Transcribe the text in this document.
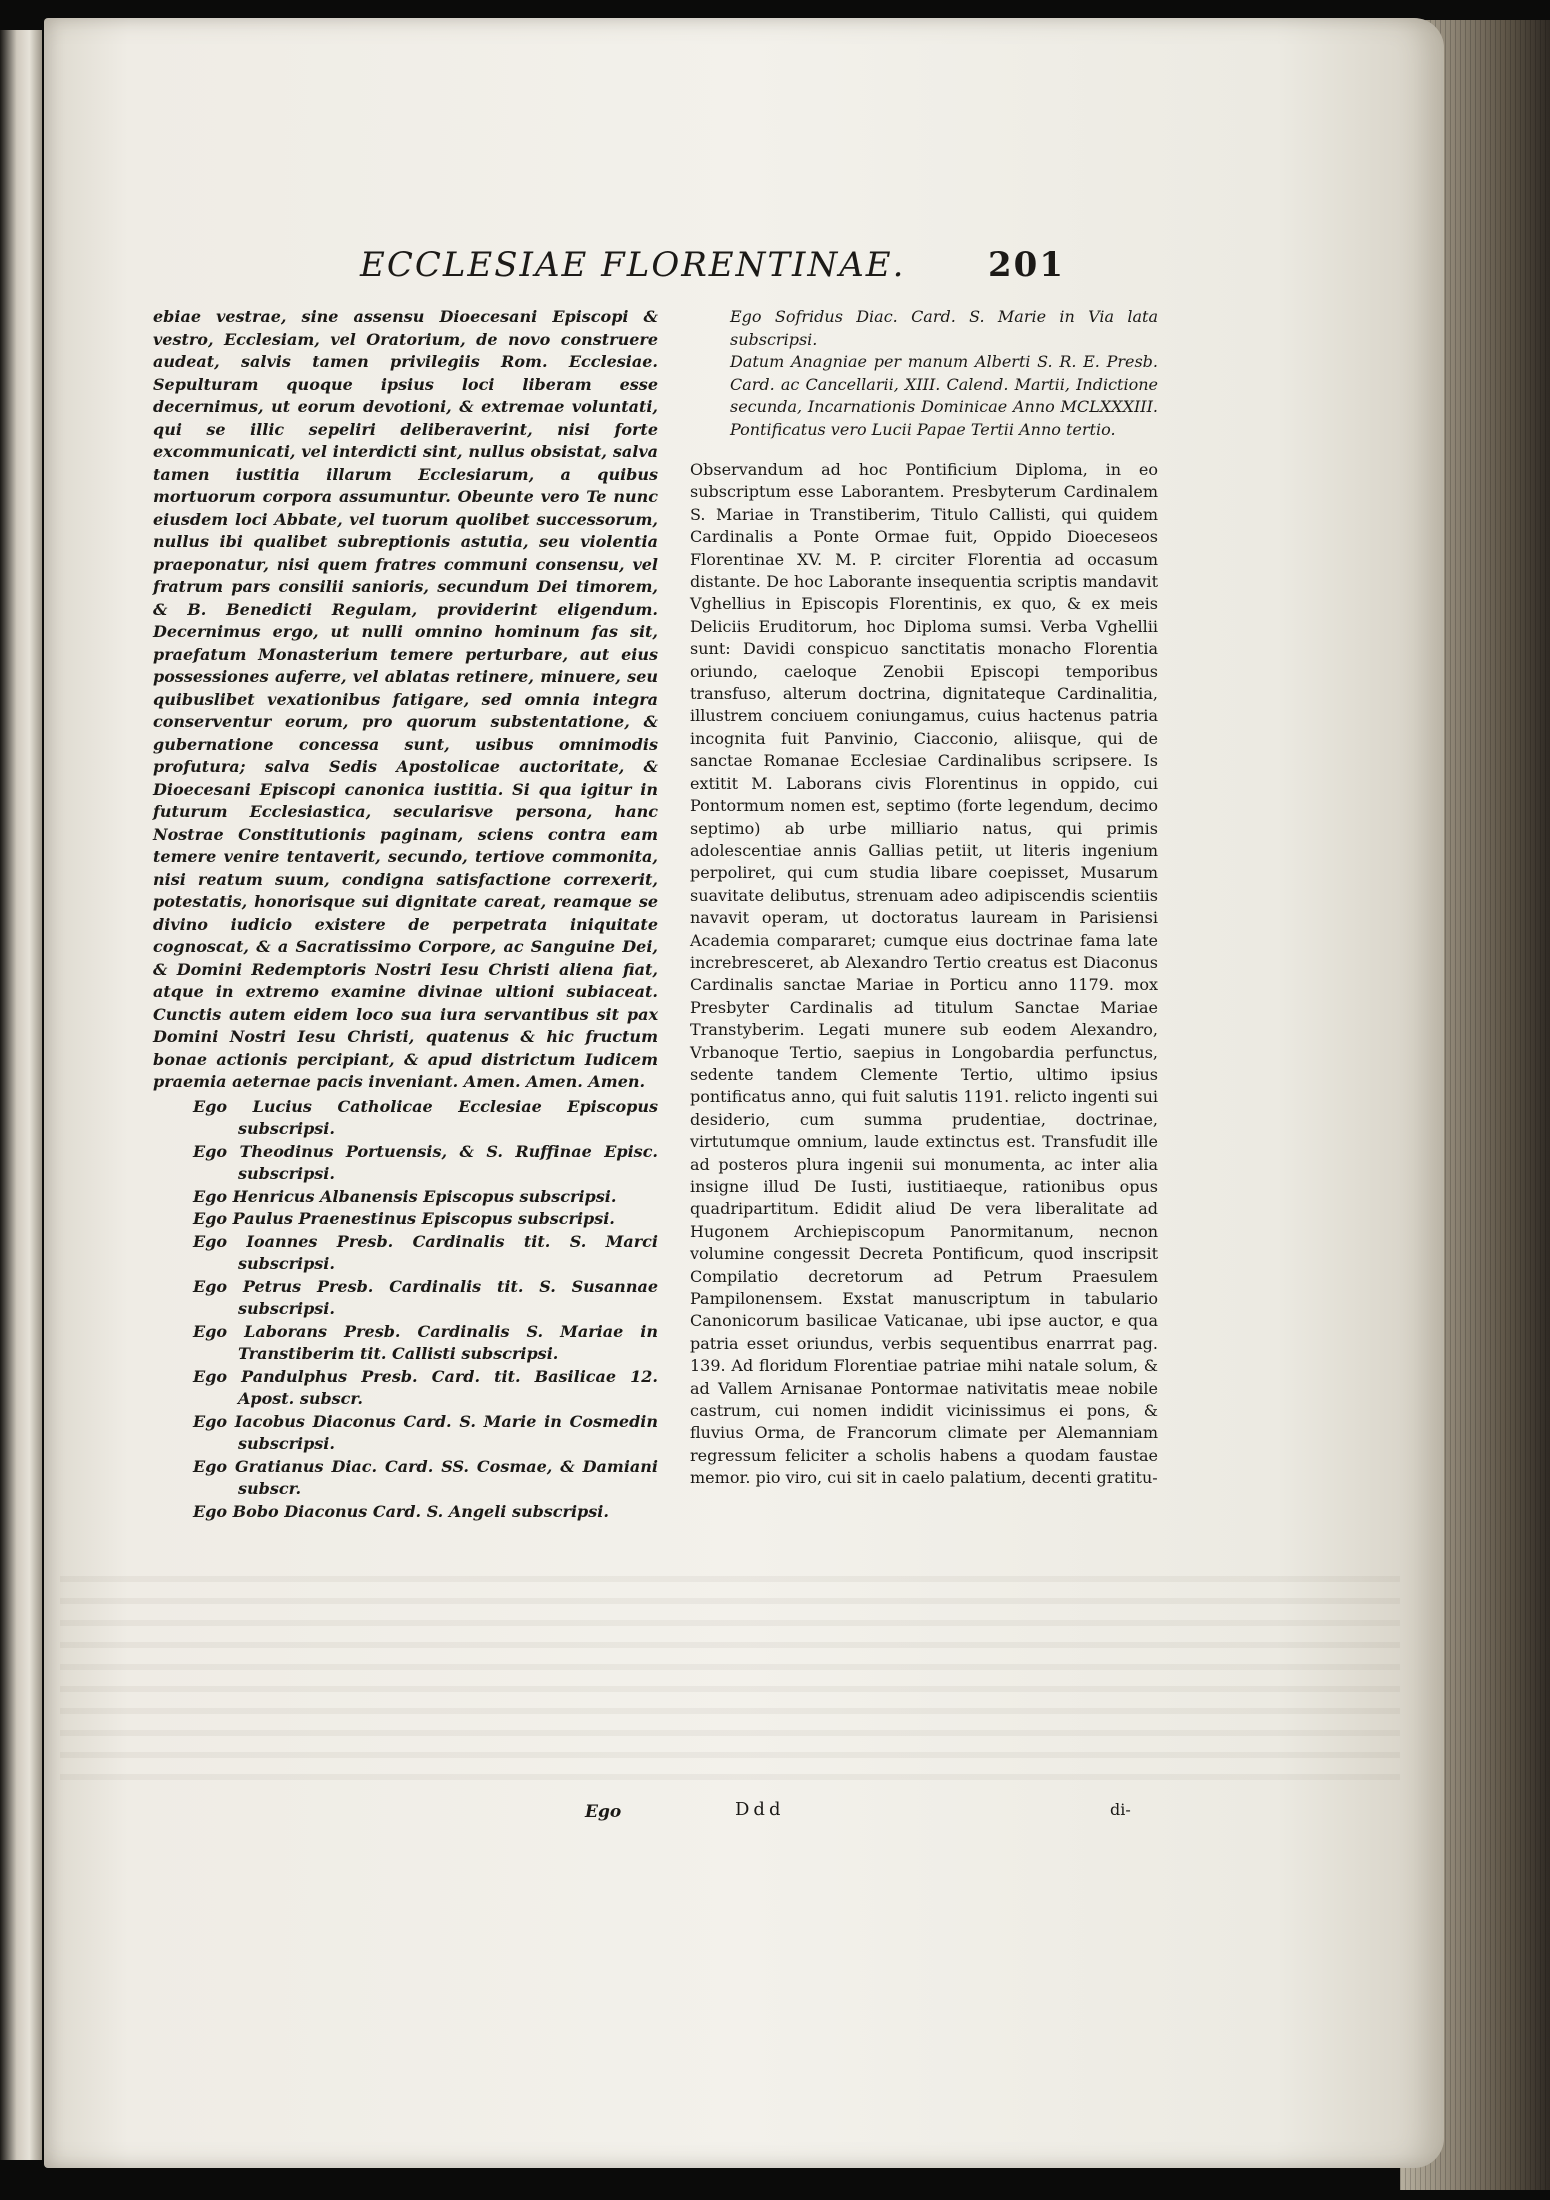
ECCLESIAE FLORENTINAE. 201

ebiae vestrae, sine assensu Dioecesani Episcopi & vestro, Ecclesiam, vel Oratorium, de novo construere audeat, salvis tamen privilegiis Rom. Ecclesiae. Sepulturam quoque ipsius loci liberam esse decernimus, ut eorum devotioni, & extremae voluntati, qui se illic sepeliri deliberaverint, nisi forte excommunicati, vel interdicti sint, nullus obsistat, salva tamen iustitia illarum Ecclesiarum, a quibus mortuorum corpora assumuntur. Obeunte vero Te nunc eiusdem loci Abbate, vel tuorum quolibet successorum, nullus ibi qualibet subreptionis astutia, seu violentia praeponatur, nisi quem fratres communi consensu, vel fratrum pars consilii sanioris, secundum Dei timorem, & B. Benedicti Regulam, providerint eligendum. Decernimus ergo, ut nulli omnino hominum fas sit, praefatum Monasterium temere perturbare, aut eius possessiones auferre, vel ablatas retinere, minuere, seu quibuslibet vexationibus fatigare, sed omnia integra conserventur eorum, pro quorum substentatione, & gubernatione concessa sunt, usibus omnimodis profutura; salva Sedis Apostolicae auctoritate, & Dioecesani Episcopi canonica iustitia. Si qua igitur in futurum Ecclesiastica, secularisve persona, hanc Nostrae Constitutionis paginam, sciens contra eam temere venire tentaverit, secundo, tertiove commonita, nisi reatum suum, condigna satisfactione correxerit, potestatis, honorisque sui dignitate careat, reamque se divino iudicio existere de perpetrata iniquitate cognoscat, & a Sacratissimo Corpore, ac Sanguine Dei, & Domini Redemptoris Nostri Iesu Christi aliena fiat, atque in extremo examine divinae ultioni subiaceat. Cunctis autem eidem loco sua iura servantibus sit pax Domini Nostri Iesu Christi, quatenus & hic fructum bonae actionis percipiant, & apud districtum Iudicem praemia aeternae pacis inveniant. Amen. Amen. Amen.

Ego Lucius Catholicae Ecclesiae Episcopus subscripsi.

Ego Theodinus Portuensis, & S. Ruffinae Episc. subscripsi.

Ego Henricus Albanensis Episcopus subscripsi.

Ego Paulus Praenestinus Episcopus subscripsi.

Ego Ioannes Presb. Cardinalis tit. S. Marci subscripsi.

Ego Petrus Presb. Cardinalis tit. S. Susannae subscripsi.

Ego Laborans Presb. Cardinalis S. Mariae in Transtiberim tit. Callisti subscripsi.

Ego Pandulphus Presb. Card. tit. Basilicae 12. Apost. subscr.

Ego Iacobus Diaconus Card. S. Marie in Cosmedin subscripsi.

Ego Gratianus Diac. Card. SS. Cosmae, & Damiani subscr.

Ego Bobo Diaconus Card. S. Angeli subscripsi.

Ego Sofridus Diac. Card. S. Marie in Via lata subscripsi.
Datum Anagniae per manum Alberti S. R. E. Presb. Card. ac Cancellarii, XIII. Calend. Martii, Indictione secunda, Incarnationis Dominicae Anno MCLXXXIII. Pontificatus vero Lucii Papae Tertii Anno tertio.

Observandum ad hoc Pontificium Diploma, in eo subscriptum esse Laborantem. Presbyterum Cardinalem S. Mariae in Transtiberim, Titulo Callisti, qui quidem Cardinalis a Ponte Ormae fuit, Oppido Dioeceseos Florentinae XV. M. P. circiter Florentia ad occasum distante. De hoc Laborante insequentia scriptis mandavit Vghellius in Episcopis Florentinis, ex quo, & ex meis Deliciis Eruditorum, hoc Diploma sumsi. Verba Vghellii sunt: Davidi conspicuo sanctitatis monacho Florentia oriundo, caeloque Zenobii Episcopi temporibus transfuso, alterum doctrina, dignitateque Cardinalitia, illustrem conciuem coniungamus, cuius hactenus patria incognita fuit Panvinio, Ciacconio, aliisque, qui de sanctae Romanae Ecclesiae Cardinalibus scripsere. Is extitit M. Laborans civis Florentinus in oppido, cui Pontormum nomen est, septimo (forte legendum, decimo septimo) ab urbe milliario natus, qui primis adolescentiae annis Gallias petiit, ut literis ingenium perpoliret, qui cum studia libare coepisset, Musarum suavitate delibutus, strenuam adeo adipiscendis scientiis navavit operam, ut doctoratus lauream in Parisiensi Academia compararet; cumque eius doctrinae fama late increbresceret, ab Alexandro Tertio creatus est Diaconus Cardinalis sanctae Mariae in Porticu anno 1179. mox Presbyter Cardinalis ad titulum Sanctae Mariae Transtyberim. Legati munere sub eodem Alexandro, Vrbanoque Tertio, saepius in Longobardia perfunctus, sedente tandem Clemente Tertio, ultimo ipsius pontificatus anno, qui fuit salutis 1191. relicto ingenti sui desiderio, cum summa prudentiae, doctrinae, virtutumque omnium, laude extinctus est. Transfudit ille ad posteros plura ingenii sui monumenta, ac inter alia insigne illud De Iusti, iustitiaeque, rationibus opus quadripartitum. Edidit aliud De vera liberalitate ad Hugonem Archiepiscopum Panormitanum, necnon volumine congessit Decreta Pontificum, quod inscripsit Compilatio decretorum ad Petrum Praesulem Pampilonensem. Exstat manuscriptum in tabulario Canonicorum basilicae Vaticanae, ubi ipse auctor, e qua patria esset oriundus, verbis sequentibus enarrrat pag. 139. Ad floridum Florentiae patriae mihi natale solum, & ad Vallem Arnisanae Pontormae nativitatis meae nobile castrum, cui nomen indidit vicinissimus ei pons, & fluvius Orma, de Francorum climate per Alemanniam regressum feliciter a scholis habens a quodam faustae memor. pio viro, cui sit in caelo palatium, decenti gratitu-

Ego	Ddd	di-
